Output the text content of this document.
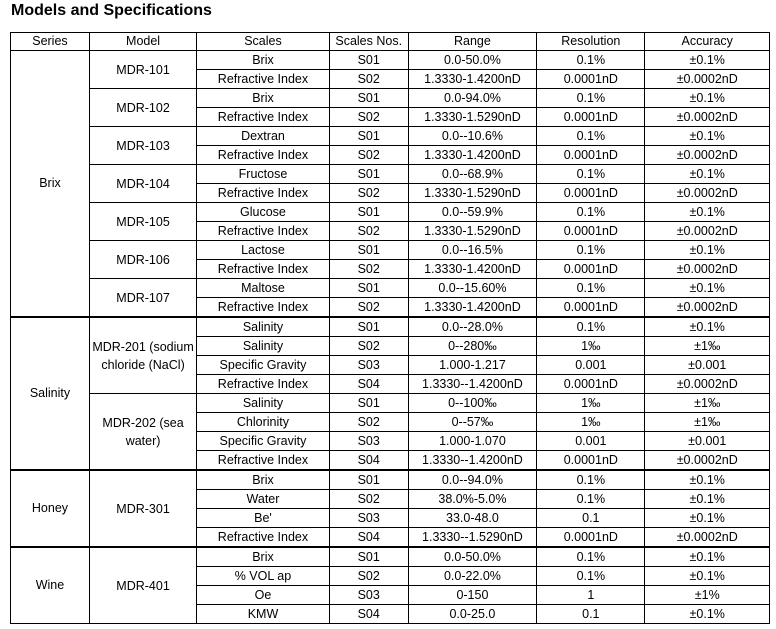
Models and Specifications
Series	Model	Scales	Scales Nos.	Range	Resolution	Accuracy
Brix	MDR-101	Brix	S01	0.0-50.0%	0.1%	±0.1%
		Refractive Index	S02	1.3330-1.4200nD	0.0001nD	±0.0002nD
	MDR-102	Brix	S01	0.0-94.0%	0.1%	±0.1%
		Refractive Index	S02	1.3330-1.5290nD	0.0001nD	±0.0002nD
	MDR-103	Dextran	S01	0.0--10.6%	0.1%	±0.1%
		Refractive Index	S02	1.3330-1.4200nD	0.0001nD	±0.0002nD
	MDR-104	Fructose	S01	0.0--68.9%	0.1%	±0.1%
		Refractive Index	S02	1.3330-1.5290nD	0.0001nD	±0.0002nD
	MDR-105	Glucose	S01	0.0--59.9%	0.1%	±0.1%
		Refractive Index	S02	1.3330-1.5290nD	0.0001nD	±0.0002nD
	MDR-106	Lactose	S01	0.0--16.5%	0.1%	±0.1%
		Refractive Index	S02	1.3330-1.4200nD	0.0001nD	±0.0002nD
	MDR-107	Maltose	S01	0.0--15.60%	0.1%	±0.1%
		Refractive Index	S02	1.3330-1.4200nD	0.0001nD	±0.0002nD
Salinity	MDR-201 (sodium chloride (NaCl)	Salinity	S01	0.0--28.0%	0.1%	±0.1%
		Salinity	S02	0--280‰	1‰	±1‰
		Specific Gravity	S03	1.000-1.217	0.001	±0.001
		Refractive Index	S04	1.3330--1.4200nD	0.0001nD	±0.0002nD
	MDR-202 (sea water)	Salinity	S01	0--100‰	1‰	±1‰
		Chlorinity	S02	0--57‰	1‰	±1‰
		Specific Gravity	S03	1.000-1.070	0.001	±0.001
		Refractive Index	S04	1.3330--1.4200nD	0.0001nD	±0.0002nD
Honey	MDR-301	Brix	S01	0.0--94.0%	0.1%	±0.1%
		Water	S02	38.0%-5.0%	0.1%	±0.1%
		Be'	S03	33.0-48.0	0.1	±0.1%
		Refractive Index	S04	1.3330--1.5290nD	0.0001nD	±0.0002nD
Wine	MDR-401	Brix	S01	0.0-50.0%	0.1%	±0.1%
		% VOL ap	S02	0.0-22.0%	0.1%	±0.1%
		Oe	S03	0-150	1	±1%
		KMW	S04	0.0-25.0	0.1	±0.1%
